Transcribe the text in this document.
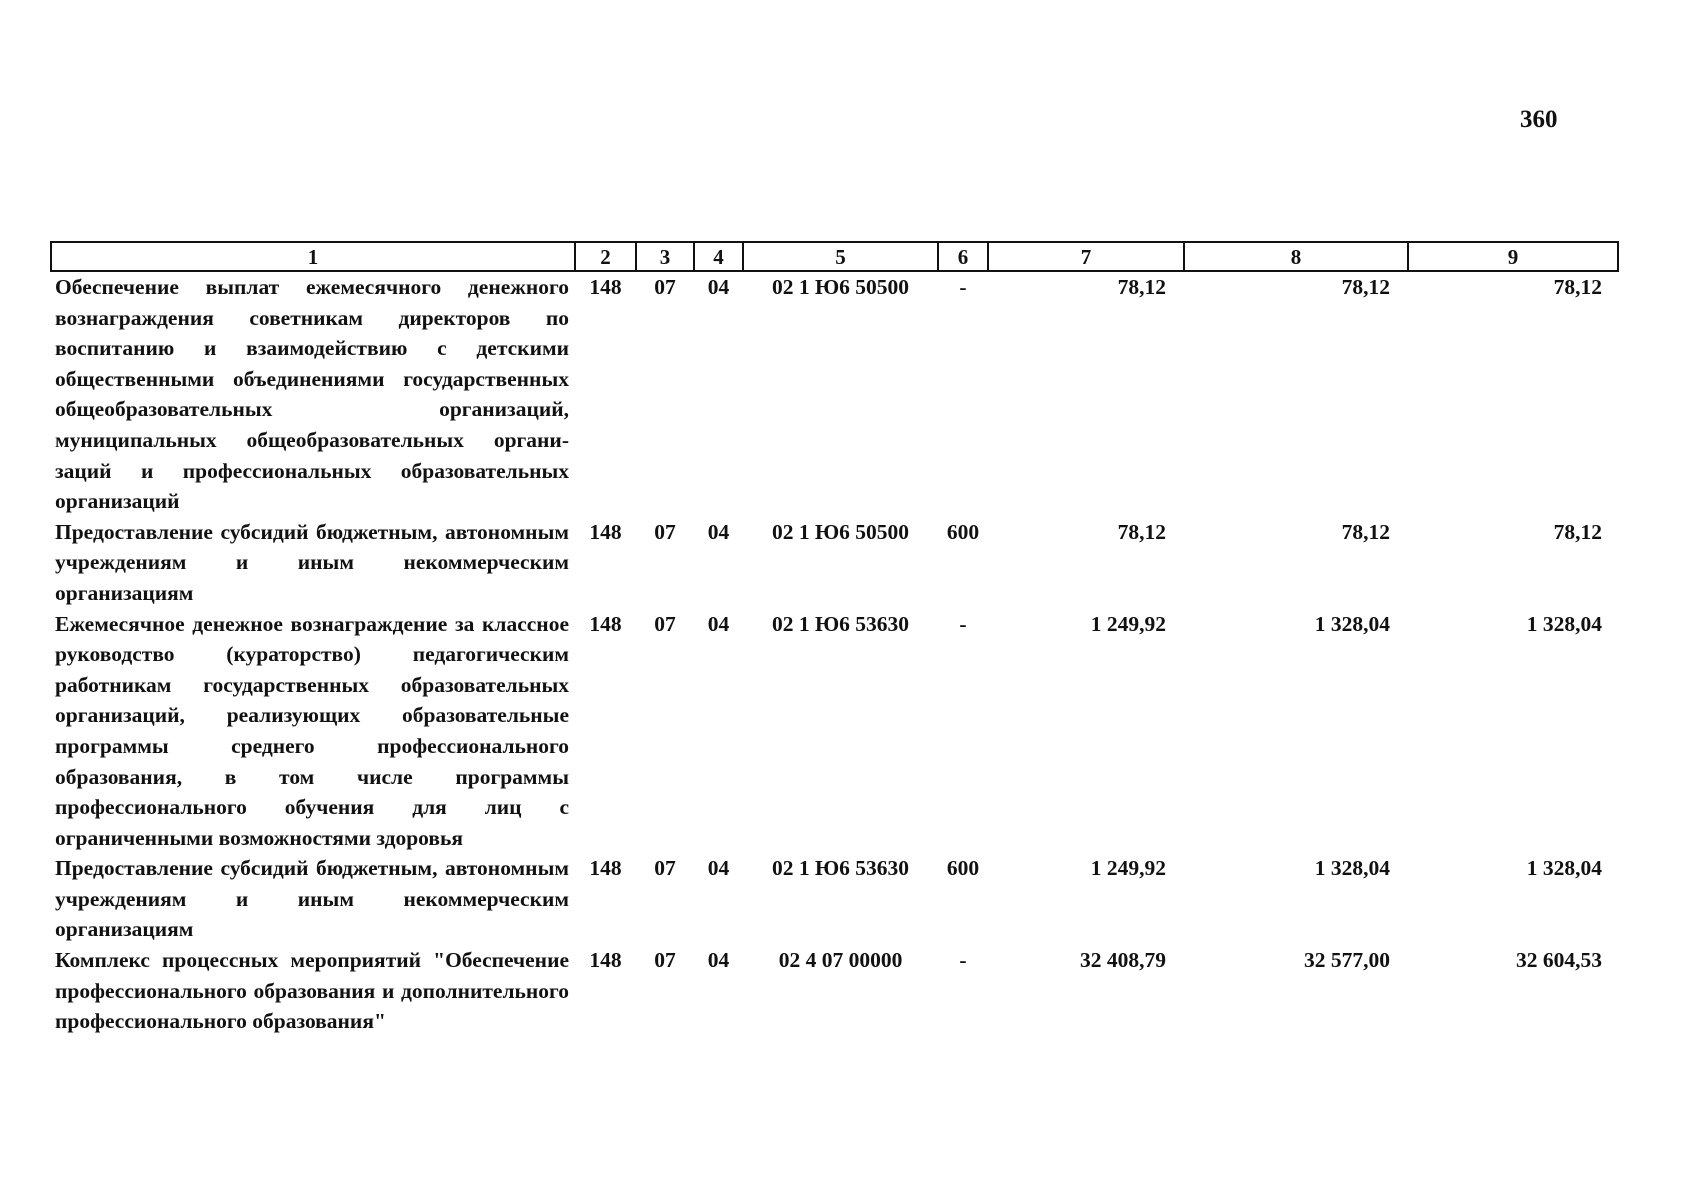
360
1	2	3	4	5	6	7	8	9
Обеспечение выплат ежемесячного денежного вознаграждения советникам директоров по воспитанию и взаимодействию с детскими общественными объединениями государственных общеобразовательных организаций, муниципальных общеобразовательных организаций и профессиональных образовательных организаций	148	07	04	02 1 Ю6 50500	-	78,12	78,12	78,12
Предоставление субсидий бюджетным, автономным учреждениям и иным некоммерческим организациям	148	07	04	02 1 Ю6 50500	600	78,12	78,12	78,12
Ежемесячное денежное вознаграждение за классное руководство (кураторство) педагогическим работникам государственных образовательных организаций, реализующих образовательные программы среднего профессионального образования, в том числе программы профессионального обучения для лиц с ограниченными возможностями здоровья	148	07	04	02 1 Ю6 53630	-	1 249,92	1 328,04	1 328,04
Предоставление субсидий бюджетным, автономным учреждениям и иным некоммерческим организациям	148	07	04	02 1 Ю6 53630	600	1 249,92	1 328,04	1 328,04
Комплекс процессных мероприятий "Обеспечение профессионального образования и дополнительного профессионального образования"	148	07	04	02 4 07 00000	-	32 408,79	32 577,00	32 604,53
